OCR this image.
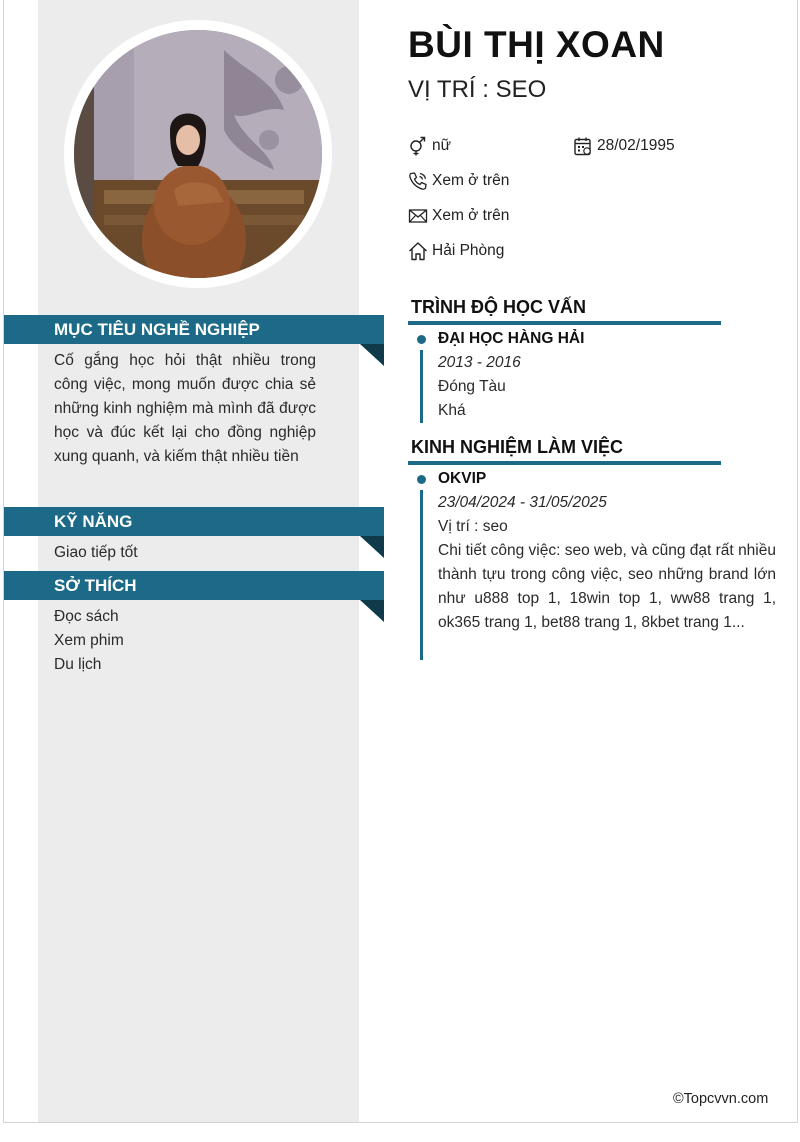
BÙI THỊ XOAN
VỊ TRÍ : SEO
nữ	28/02/1995
Xem ở trên
Xem ở trên
Hải Phòng
MỤC TIÊU NGHỀ NGHIỆP
Cố gắng học hỏi thật nhiều trong công việc, mong muốn được chia sẻ những kinh nghiệm mà mình đã được học và đúc kết lại cho đồng nghiệp xung quanh, và kiếm thật nhiều tiền
KỸ NĂNG
Giao tiếp tốt
SỞ THÍCH
Đọc sách
Xem phim
Du lịch
TRÌNH ĐỘ HỌC VẤN
ĐẠI HỌC HÀNG HẢI
2013 - 2016
Đóng Tàu
Khá
KINH NGHIỆM LÀM VIỆC
OKVIP
23/04/2024 - 31/05/2025
Vị trí : seo
Chi tiết công việc: seo web, và cũng đạt rất nhiều thành tựu trong công việc, seo những brand lớn như u888 top 1, 18win top 1, ww88 trang 1, ok365 trang 1, bet88 trang 1, 8kbet trang 1...
©Topcvvn.com
